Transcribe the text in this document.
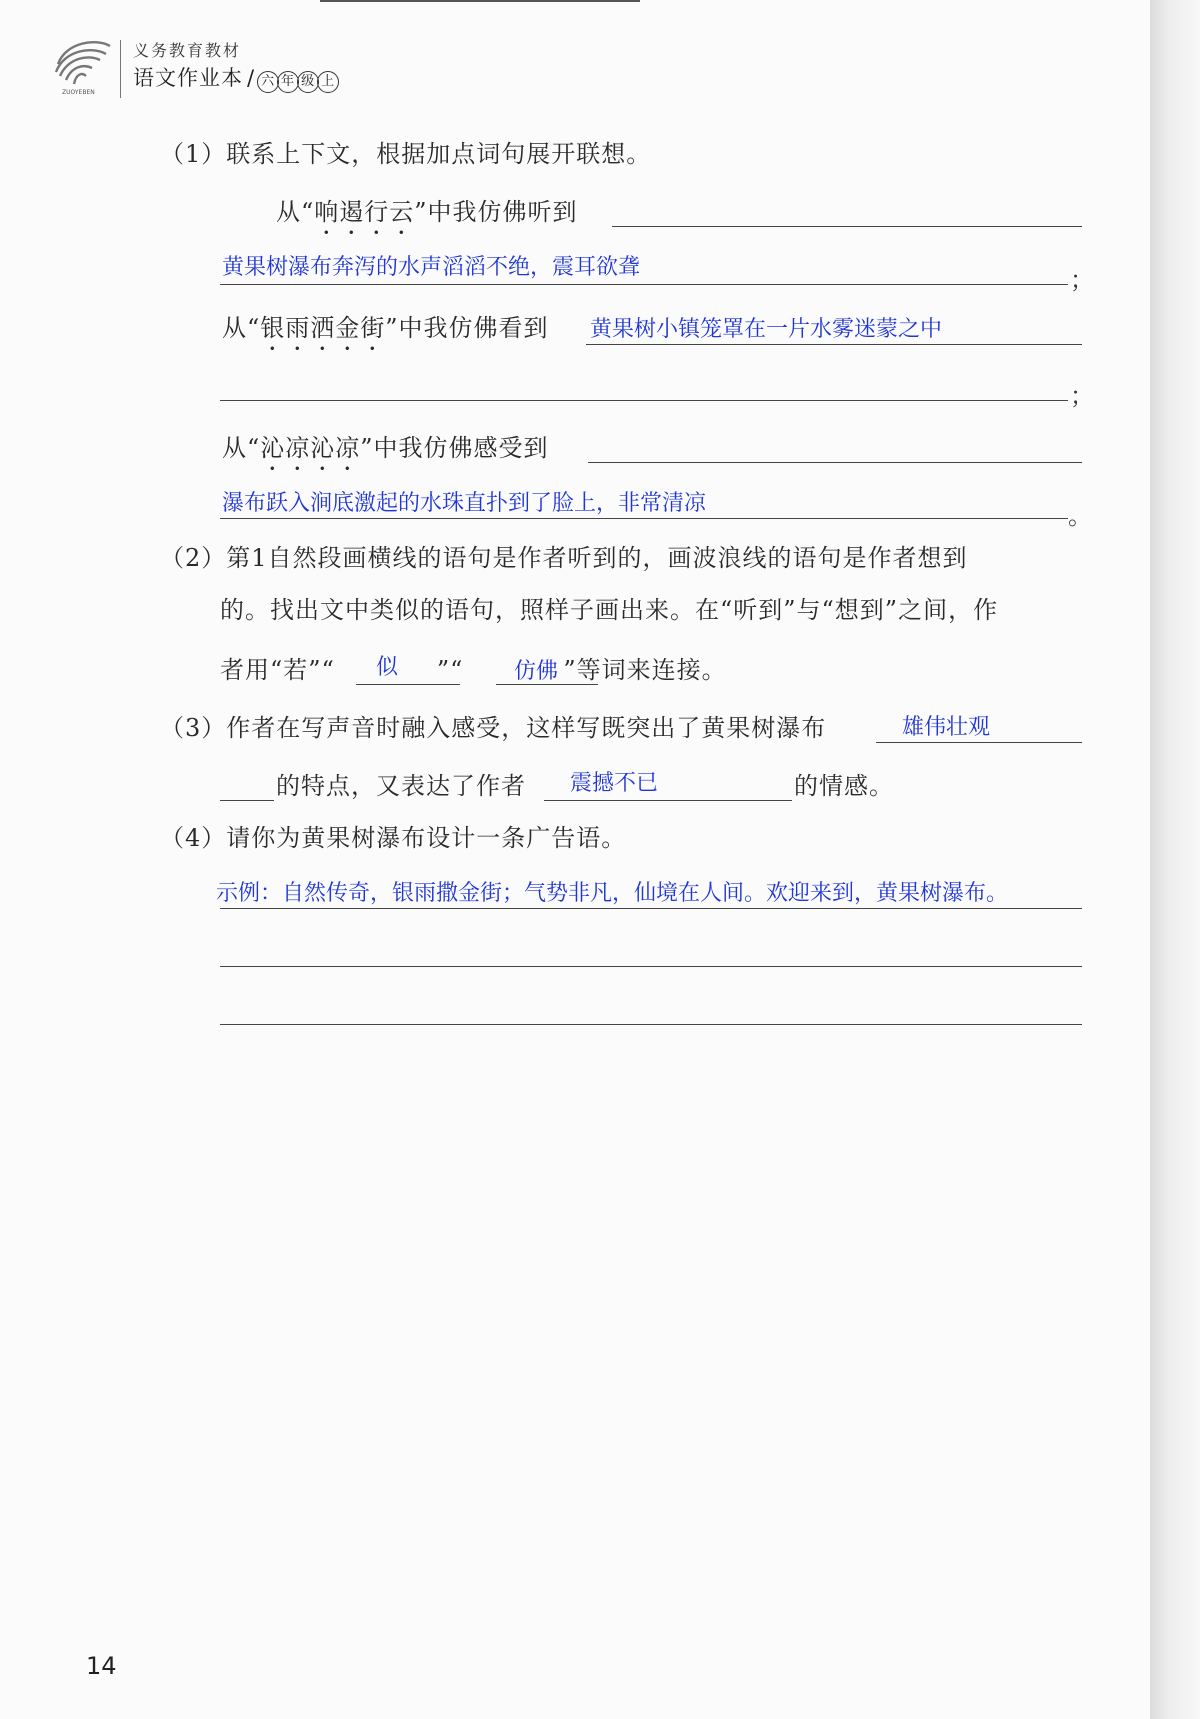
ZUOYEBEN
义务教育教材
语文作业本 / 六 年 级 上
（1）联系上下文，根据加点词句展开联想。
从“响遏行云”中我仿佛听到
黄果树瀑布奔泻的水声滔滔不绝，震耳欲聋	；
从“银雨洒金街”中我仿佛看到 黄果树小镇笼罩在一片水雾迷蒙之中
；
从“沁凉沁凉”中我仿佛感受到
瀑布跃入涧底激起的水珠直扑到了脸上，非常清凉	。
（2）第1自然段画横线的语句是作者听到的，画波浪线的语句是作者想到
的。找出文中类似的语句，照样子画出来。在“听到”与“想到”之间，作
者用“若”“	”“	”等词来连接。
似	仿佛
（3）作者在写声音时融入感受，这样写既突出了黄果树瀑布	雄伟壮观
的特点，又表达了作者 震撼不已	的情感。
（4）请你为黄果树瀑布设计一条广告语。
示例：自然传奇，银雨撒金街；气势非凡，仙境在人间。欢迎来到，黄果树瀑布。
14
